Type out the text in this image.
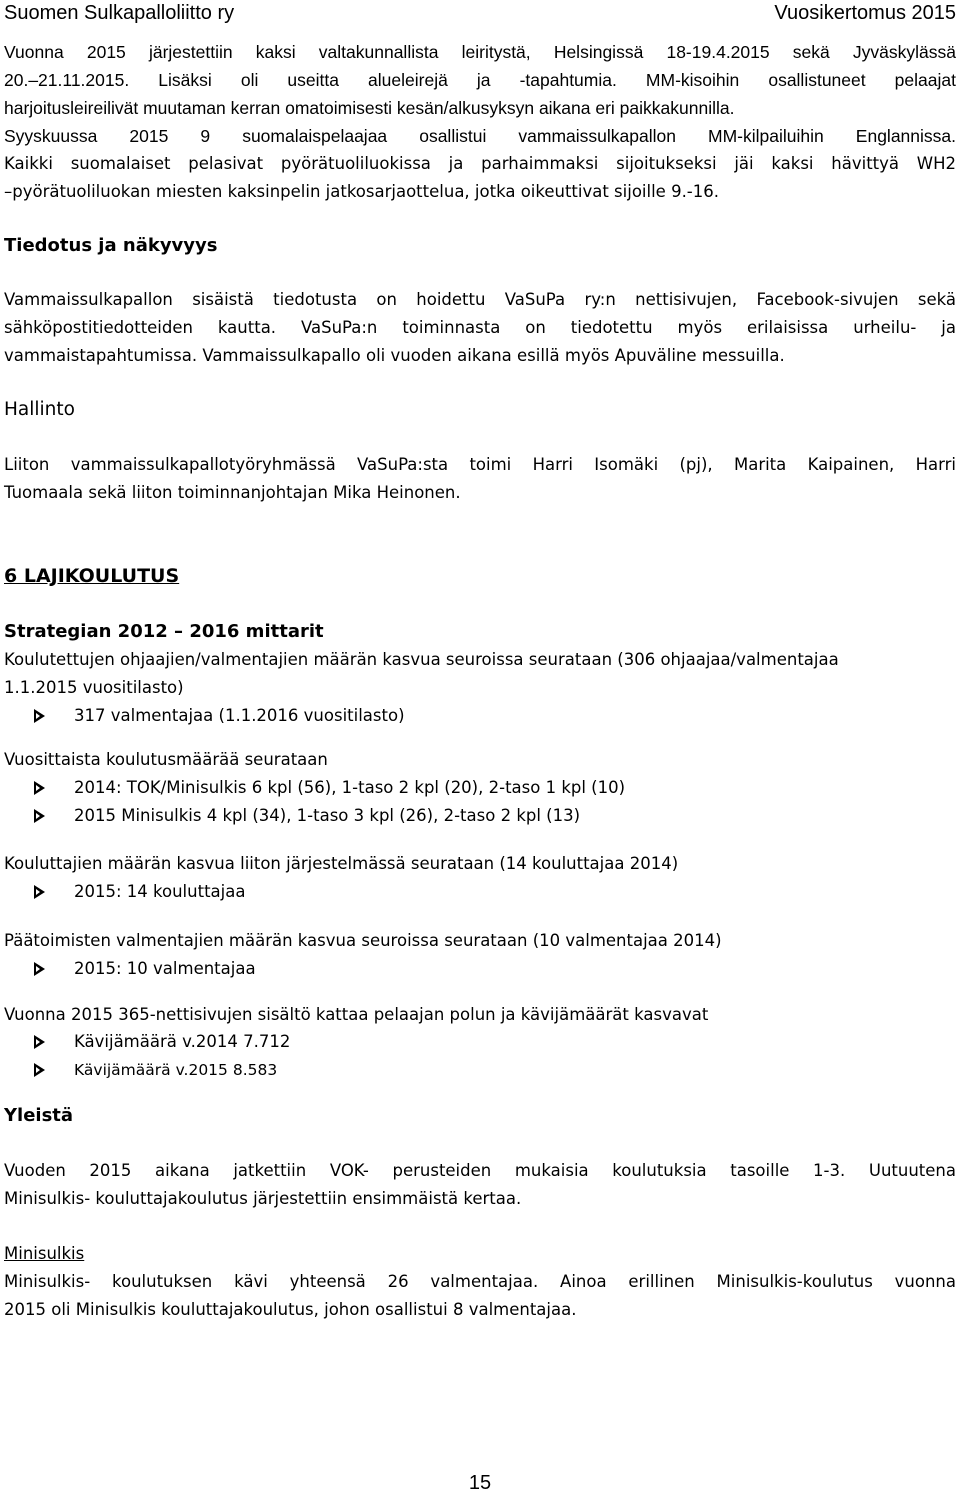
Suomen Sulkapalloliitto ry	Vuosikertomus 2015
Vuonna 2015 järjestettiin kaksi valtakunnallista leiritystä, Helsingissä 18-19.4.2015 sekä Jyväskylässä
20.–21.11.2015. Lisäksi oli useitta alueleirejä ja -tapahtumia. MM-kisoihin osallistuneet pelaajat
harjoitusleireilivät muutaman kerran omatoimisesti kesän/alkusyksyn aikana eri paikkakunnilla.
Syyskuussa 2015 9 suomalaispelaajaa osallistui vammaissulkapallon MM-kilpailuihin Englannissa.
Kaikki suomalaiset pelasivat pyörätuoliluokissa ja parhaimmaksi sijoitukseksi jäi kaksi hävittyä WH2
–pyörätuoliluokan miesten kaksinpelin jatkosarjaottelua, jotka oikeuttivat sijoille 9.-16.
Tiedotus ja näkyvyys
Vammaissulkapallon sisäistä tiedotusta on hoidettu VaSuPa ry:n nettisivujen, Facebook-sivujen sekä
sähköpostitiedotteiden kautta. VaSuPa:n toiminnasta on tiedotettu myös erilaisissa urheilu- ja
vammaistapahtumissa. Vammaissulkapallo oli vuoden aikana esillä myös Apuväline messuilla.
Hallinto
Liiton vammaissulkapallotyöryhmässä VaSuPa:sta toimi Harri Isomäki (pj), Marita Kaipainen, Harri
Tuomaala sekä liiton toiminnanjohtajan Mika Heinonen.
6 LAJIKOULUTUS
Strategian 2012 – 2016 mittarit
Koulutettujen ohjaajien/valmentajien määrän kasvua seuroissa seurataan (306 ohjaajaa/valmentajaa
1.1.2015 vuositilasto)
317 valmentajaa (1.1.2016 vuositilasto)
Vuosittaista koulutusmäärää seurataan
2014: TOK/Minisulkis 6 kpl (56), 1-taso 2 kpl (20), 2-taso 1 kpl (10)
2015 Minisulkis 4 kpl (34), 1-taso 3 kpl (26), 2-taso 2 kpl (13)
Kouluttajien määrän kasvua liiton järjestelmässä seurataan (14 kouluttajaa 2014)
2015: 14 kouluttajaa
Päätoimisten valmentajien määrän kasvua seuroissa seurataan (10 valmentajaa 2014)
2015: 10 valmentajaa
Vuonna 2015 365-nettisivujen sisältö kattaa pelaajan polun ja kävijämäärät kasvavat
Kävijämäärä v.2014 7.712
Kävijämäärä v.2015 8.583
Yleistä
Vuoden 2015 aikana jatkettiin VOK- perusteiden mukaisia koulutuksia tasoille 1-3. Uutuutena
Minisulkis- kouluttajakoulutus järjestettiin ensimmäistä kertaa.
Minisulkis
Minisulkis- koulutuksen kävi yhteensä 26 valmentajaa. Ainoa erillinen Minisulkis-koulutus vuonna
2015 oli Minisulkis kouluttajakoulutus, johon osallistui 8 valmentajaa.
15
